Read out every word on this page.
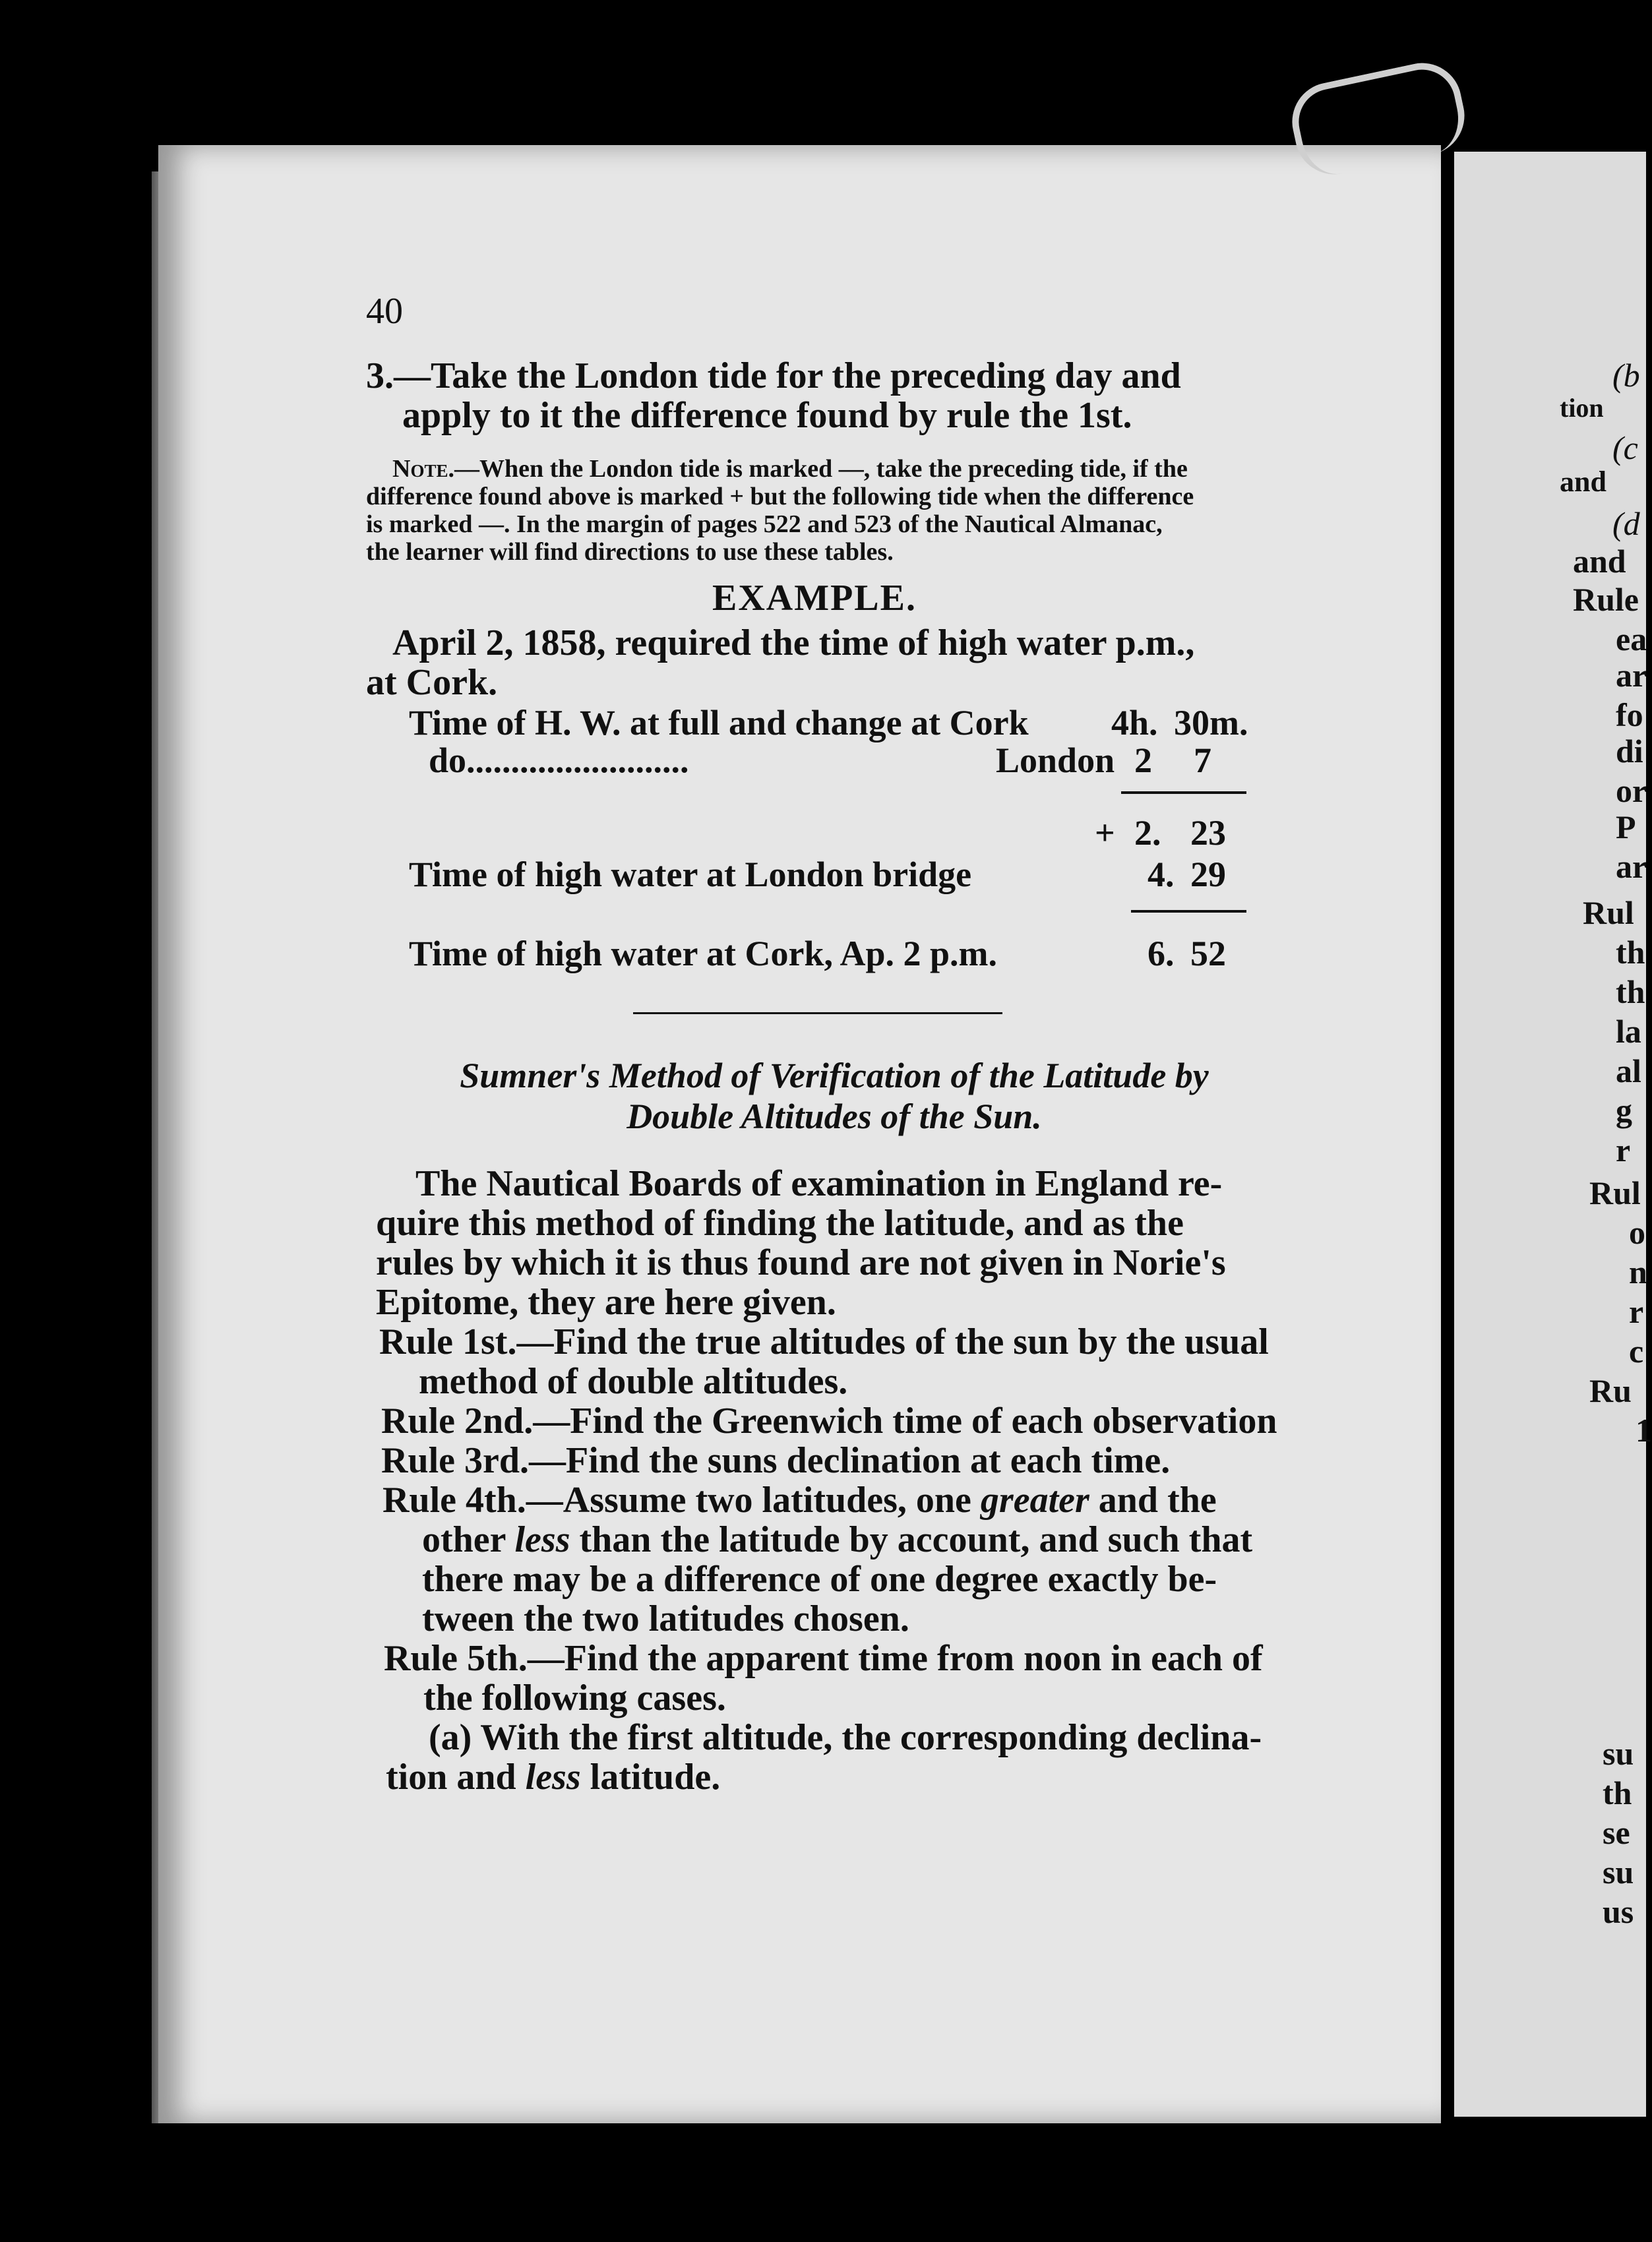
(b
tion
(c
and
(d
and
Rule
ea
ar
fo
di
or
P
ar
Rul
th
th
la
al
g
r
Rul
o
n
r
c
Ru
1
su
th
se
su
us
40
3.—Take the London tide for the preceding day and
apply to it the difference found by rule the 1st.
Note.—When the London tide is marked —, take the preceding tide, if the
difference found above is marked + but the following tide when the difference
is marked —. In the margin of pages 522 and 523 of the Nautical Almanac,
the learner will find directions to use these tables.
EXAMPLE.
April 2, 1858, required the time of high water p.m.,
at Cork.
Time of H. W. at full and change at Cork 4h. 30m.
do.........................	London 2 7
+ 2. 23
Time of high water at London bridge	4. 29
Time of high water at Cork, Ap. 2 p.m.	6. 52
Sumner's Method of Verification of the Latitude by
Double Altitudes of the Sun.
The Nautical Boards of examination in England re-
quire this method of finding the latitude, and as the
rules by which it is thus found are not given in Norie's
Epitome, they are here given.
Rule 1st.—Find the true altitudes of the sun by the usual
method of double altitudes.
Rule 2nd.—Find the Greenwich time of each observation
Rule 3rd.—Find the suns declination at each time.
Rule 4th.—Assume two latitudes, one greater and the
other less than the latitude by account, and such that
there may be a difference of one degree exactly be-
tween the two latitudes chosen.
Rule 5th.—Find the apparent time from noon in each of
the following cases.
(a) With the first altitude, the corresponding declina-
tion and less latitude.
